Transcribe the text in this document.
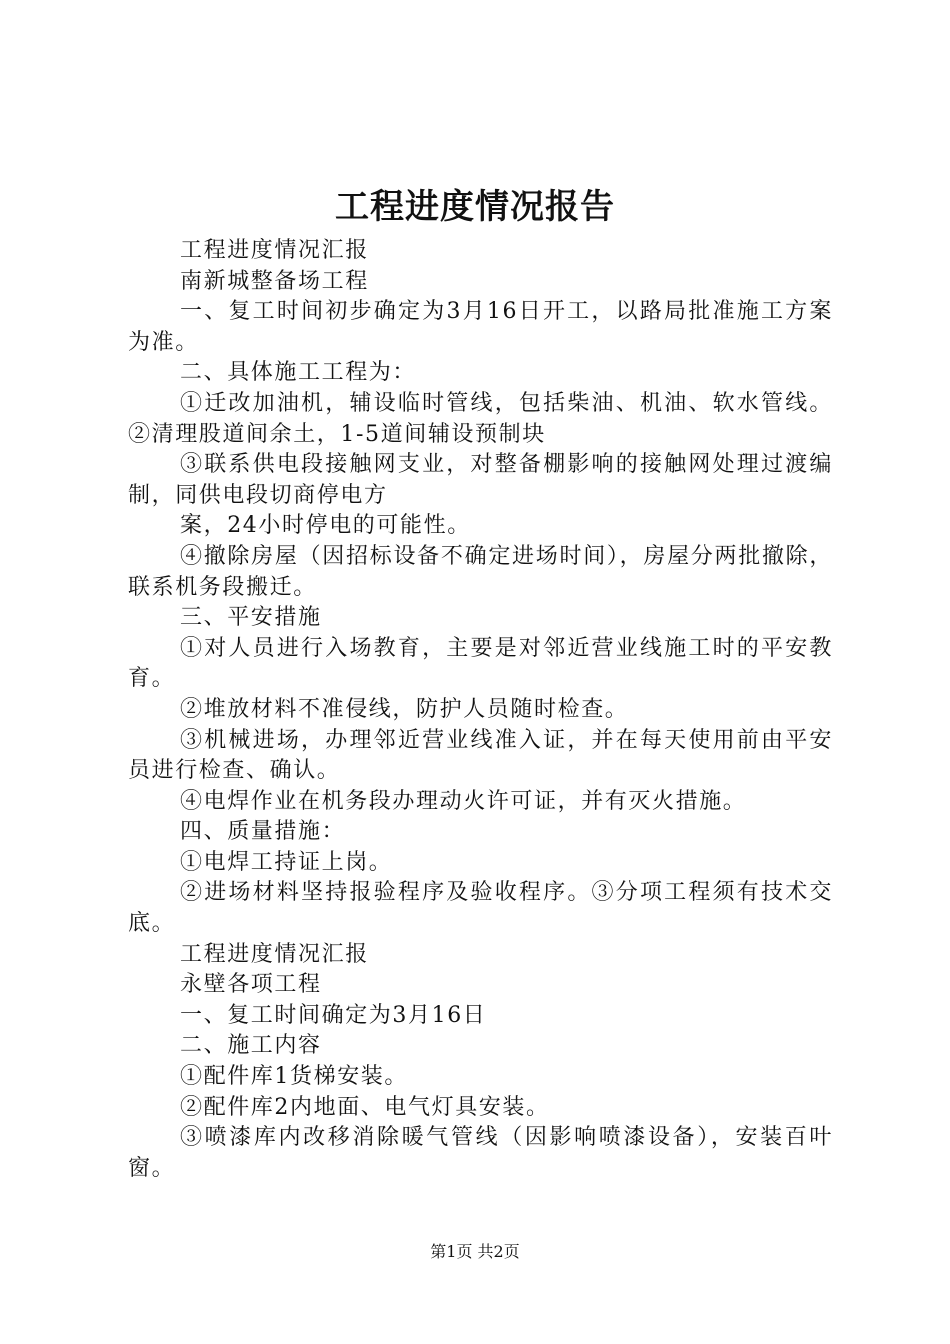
工程进度情况报告

工程进度情况汇报

南新城整备场工程

一、复工时间初步确定为3月16日开工，以路局批准施工方案为准。

二、具体施工工程为：

①迁改加油机，辅设临时管线，包括柴油、机油、软水管线。②清理股道间余土，1-5道间辅设预制块

③联系供电段接触网支业，对整备棚影响的接触网处理过渡编制，同供电段切商停电方

案，24小时停电的可能性。

④撤除房屋（因招标设备不确定进场时间），房屋分两批撤除，联系机务段搬迁。

三、平安措施

①对人员进行入场教育，主要是对邻近营业线施工时的平安教育。

②堆放材料不准侵线，防护人员随时检查。

③机械进场，办理邻近营业线准入证，并在每天使用前由平安员进行检查、确认。

④电焊作业在机务段办理动火许可证，并有灭火措施。

四、质量措施：

①电焊工持证上岗。

②进场材料坚持报验程序及验收程序。③分项工程须有技术交底。

工程进度情况汇报

永壁各项工程

一、复工时间确定为3月16日

二、施工内容

①配件库1货梯安装。

②配件库2内地面、电气灯具安装。

③喷漆库内改移消除暖气管线（因影响喷漆设备），安装百叶窗。

第1页 共2页
